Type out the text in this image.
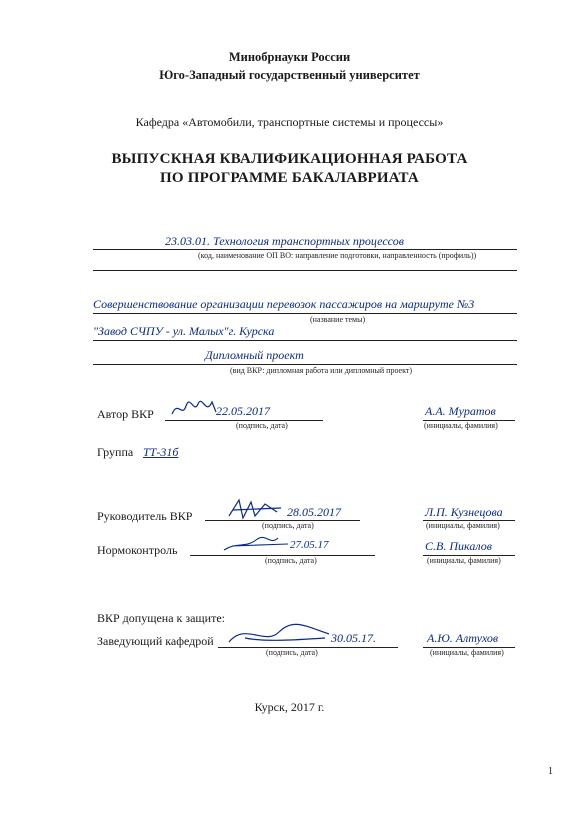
Минобрнауки России
Юго-Западный государственный университет
Кафедра «Автомобили, транспортные системы и процессы»
ВЫПУСКНАЯ КВАЛИФИКАЦИОННАЯ РАБОТА
ПО ПРОГРАММЕ БАКАЛАВРИАТА
23.03.01. Технология транспортных процессов
(код, наименование ОП ВО: направление подготовки, направленность (профиль))
Совершенствование организации перевозок пассажиров на маршруте №3
(название темы)
"Завод СЧПУ - ул. Малых"г. Курска
Дипломный проект
(вид ВКР: дипломная работа или дипломный проект)
Автор ВКР	22.05.2017
(подпись, дата)
А.А. Муратов
(инициалы, фамилия)
Группа ТТ-31б
Руководитель ВКР	28.05.2017
(подпись, дата)
Л.П. Кузнецова
(инициалы, фамилия)
Нормоконтроль	27.05.17
(подпись, дата)
С.В. Пикалов
(инициалы, фамилия)
ВКР допущена к защите:
Заведующий кафедрой	30.05.17.
(подпись, дата)
А.Ю. Алтухов
(инициалы, фамилия)
Курск, 2017 г.
1
